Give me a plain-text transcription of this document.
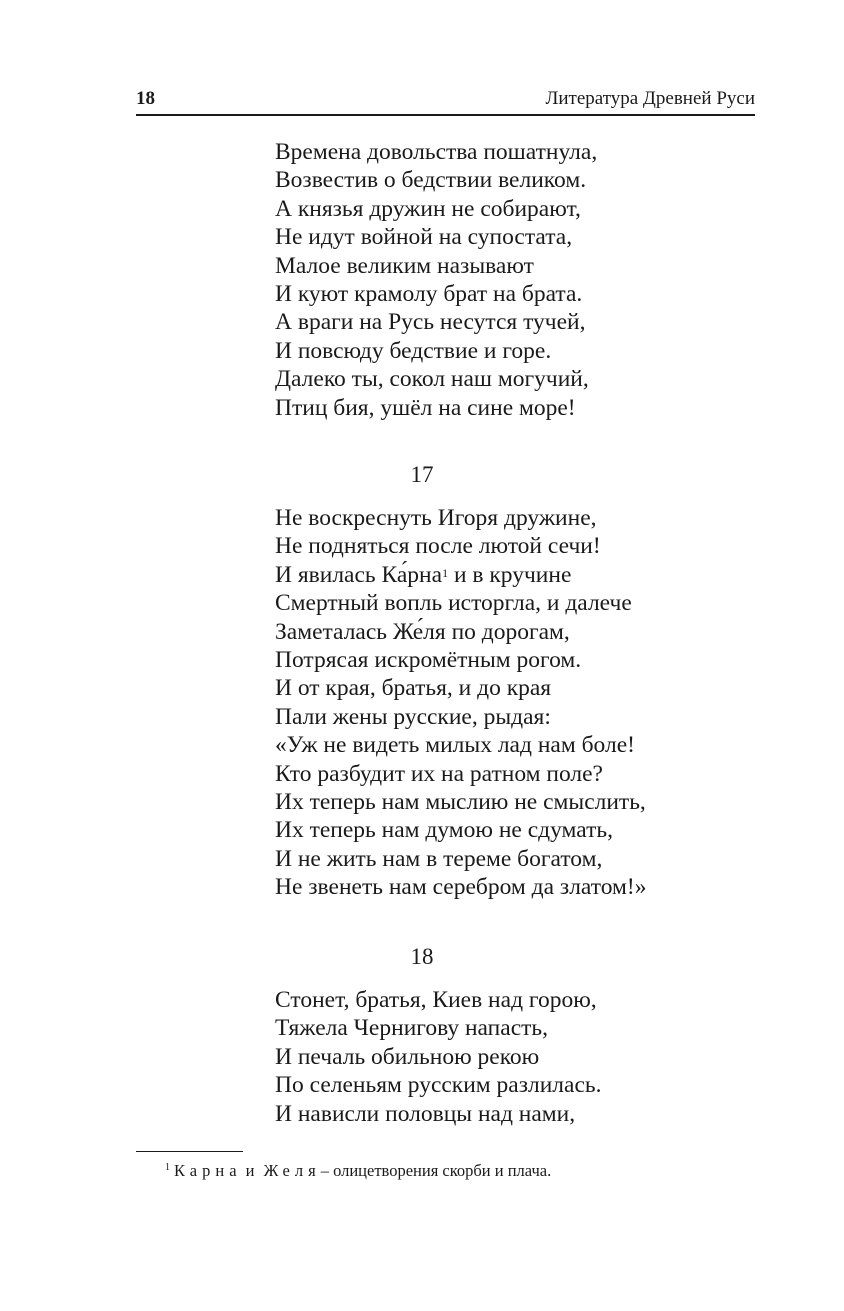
18	Литература Древней Руси
Времена довольства пошатнула,
Возвестив о бедствии великом.
А князья дружин не собирают,
Не идут войной на супостата,
Малое великим называют
И куют крамолу брат на брата.
А враги на Русь несутся тучей,
И повсюду бедствие и горе.
Далеко ты, сокол наш могучий,
Птиц бия, ушёл на сине море!
17
Не воскреснуть Игоря дружине,
Не подняться после лютой сечи!
И явилась Ка́рна$^1$ и в кручине
Смертный вопль исторгла, и далече
Заметалась Же́ля по дорогам,
Потрясая искромётным рогом.
И от края, братья, и до края
Пали жены русские, рыдая:
«Уж не видеть милых лад нам боле!
Кто разбудит их на ратном поле?
Их теперь нам мыслию не смыслить,
Их теперь нам думою не сдумать,
И не жить нам в тереме богатом,
Не звенеть нам серебром да златом!»
18
Стонет, братья, Киев над горою,
Тяжела Чернигову напасть,
И печаль обильною рекою
По селеньям русским разлилась.
И нависли половцы над нами,
$^1$ Карна и Желя– олицетворения скорби и плача.
